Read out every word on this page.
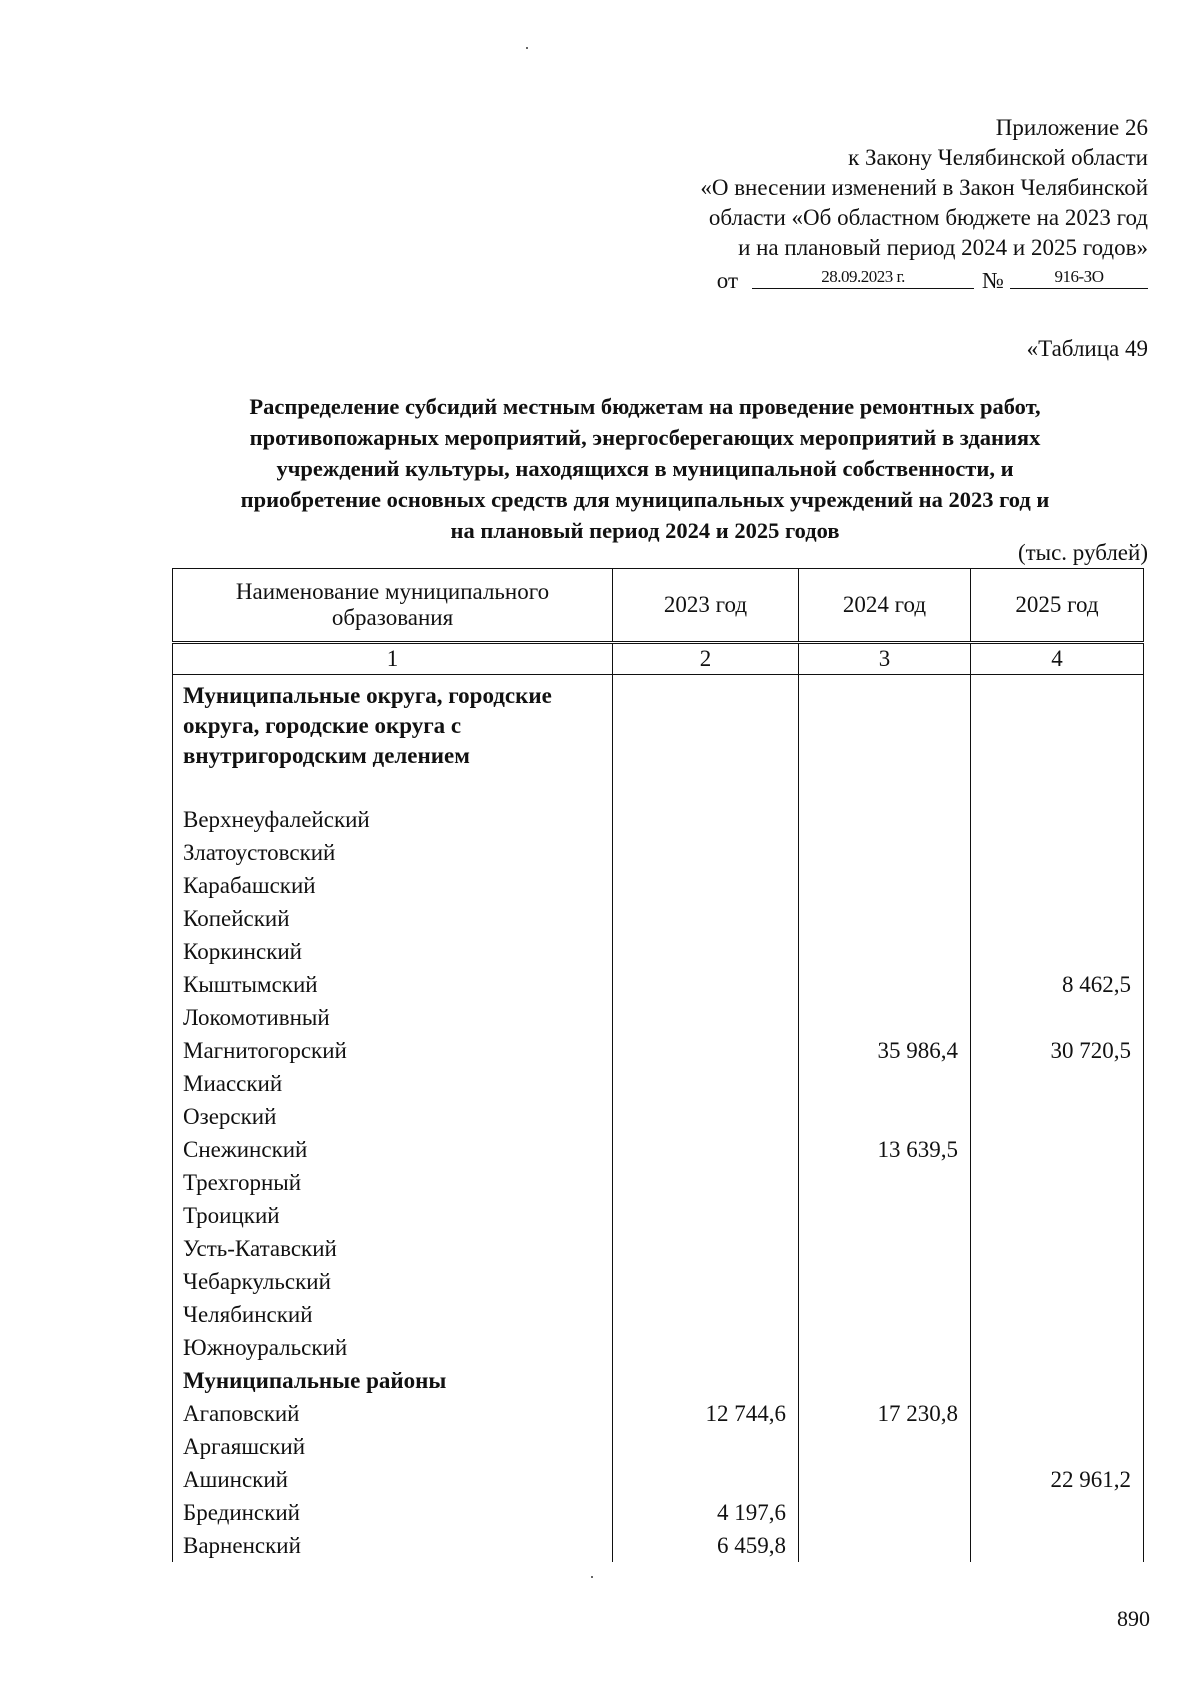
Приложение 26
к Закону Челябинской области
«О внесении изменений в Закон Челябинской
области «Об областном бюджете на 2023 год
и на плановый период 2024 и 2025 годов»
от	28.09.2023 г.	№	916-ЗО
«Таблица 49
Распределение субсидий местным бюджетам на проведение ремонтных работ,
противопожарных мероприятий, энергосберегающих мероприятий в зданиях
учреждений культуры, находящихся в муниципальной собственности, и
приобретение основных средств для муниципальных учреждений на 2023 год и
на плановый период 2024 и 2025 годов
(тыс. рублей)
Наименование муниципального образования	2023 год	2024 год	2025 год
1	2	3	4
Муниципальные округа, городские округа, городские округа с внутригородским делением			
Верхнеуфалейский			
Златоустовский			
Карабашский			
Копейский			
Коркинский			
Кыштымский			8 462,5
Локомотивный			
Магнитогорский		35 986,4	30 720,5
Миасский			
Озерский			
Снежинский		13 639,5	
Трехгорный			
Троицкий			
Усть-Катавский			
Чебаркульский			
Челябинский			
Южноуральский			
Муниципальные районы			
Агаповский	12 744,6	17 230,8	
Аргаяшский			
Ашинский			22 961,2
Брединский	4 197,6		
Варненский	6 459,8		
890
